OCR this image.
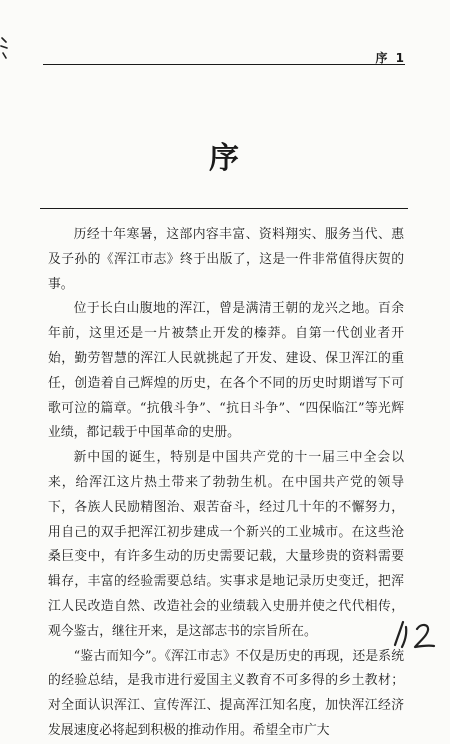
序 1
序

历经十年寒暑，这部内容丰富、资料翔实、服务当代、惠及子孙的《浑江市志》终于出版了，这是一件非常值得庆贺的事。

位于长白山腹地的浑江，曾是满清王朝的龙兴之地。百余年前，这里还是一片被禁止开发的榛莽。自第一代创业者开始，勤劳智慧的浑江人民就挑起了开发、建设、保卫浑江的重任，创造着自己辉煌的历史，在各个不同的历史时期谱写下可歌可泣的篇章。“抗俄斗争”、“抗日斗争”、“四保临江”等光辉业绩，都记载于中国革命的史册。

新中国的诞生，特别是中国共产党的十一届三中全会以来，给浑江这片热土带来了勃勃生机。在中国共产党的领导下，各族人民励精图治、艰苦奋斗，经过几十年的不懈努力，用自己的双手把浑江初步建成一个新兴的工业城市。在这些沧桑巨变中，有许多生动的历史需要记载，大量珍贵的资料需要辑存，丰富的经验需要总结。实事求是地记录历史变迁，把浑江人民改造自然、改造社会的业绩载入史册并使之代代相传，观今鉴古，继往开来，是这部志书的宗旨所在。

“鉴古而知今”。《浑江市志》不仅是历史的再现，还是系统的经验总结，是我市进行爱国主义教育不可多得的乡土教材；对全面认识浑江、宣传浑江、提高浑江知名度，加快浑江经济发展速度必将起到积极的推动作用。希望全市广大
